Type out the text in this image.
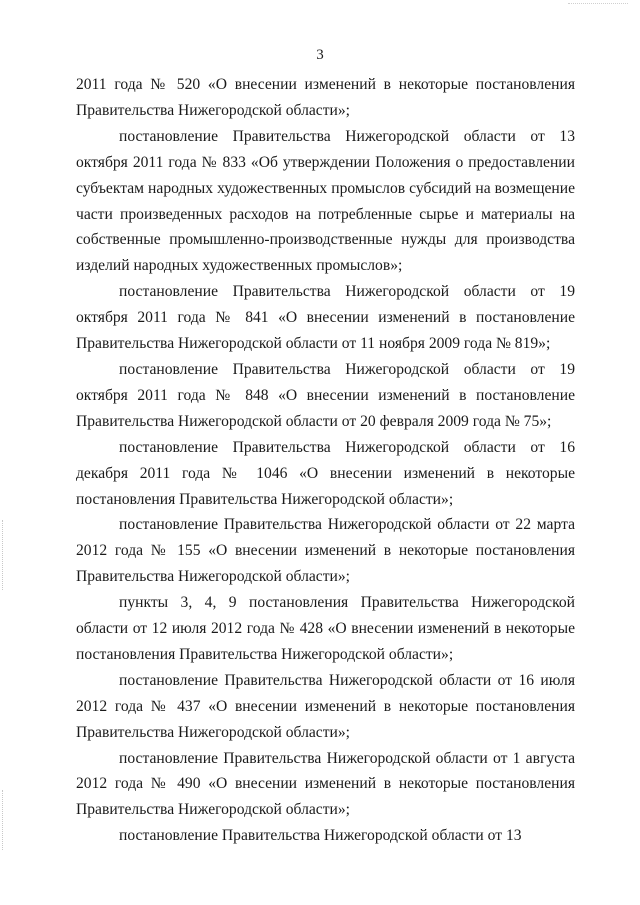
3

2011 года № 520 «О внесении изменений в некоторые постановления Правительства Нижегородской области»;

постановление Правительства Нижегородской области от 13 октября 2011 года № 833 «Об утверждении Положения о предоставлении субъектам народных художественных промыслов субсидий на возмещение части произведенных расходов на потребленные сырье и материалы на собственные промышленно-производственные нужды для производства изделий народных художественных промыслов»;

постановление Правительства Нижегородской области от 19 октября 2011 года № 841 «О внесении изменений в постановление Правительства Нижегородской области от 11 ноября 2009 года № 819»;

постановление Правительства Нижегородской области от 19 октября 2011 года № 848 «О внесении изменений в постановление Правительства Нижегородской области от 20 февраля 2009 года № 75»;

постановление Правительства Нижегородской области от 16 декабря 2011 года № 1046 «О внесении изменений в некоторые постановления Правительства Нижегородской области»;

постановление Правительства Нижегородской области от 22 марта 2012 года № 155 «О внесении изменений в некоторые постановления Правительства Нижегородской области»;

пункты 3, 4, 9 постановления Правительства Нижегородской области от 12 июля 2012 года № 428 «О внесении изменений в некоторые постановления Правительства Нижегородской области»;

постановление Правительства Нижегородской области от 16 июля 2012 года № 437 «О внесении изменений в некоторые постановления Правительства Нижегородской области»;

постановление Правительства Нижегородской области от 1 августа 2012 года № 490 «О внесении изменений в некоторые постановления Правительства Нижегородской области»;

постановление Правительства Нижегородской области от 13
